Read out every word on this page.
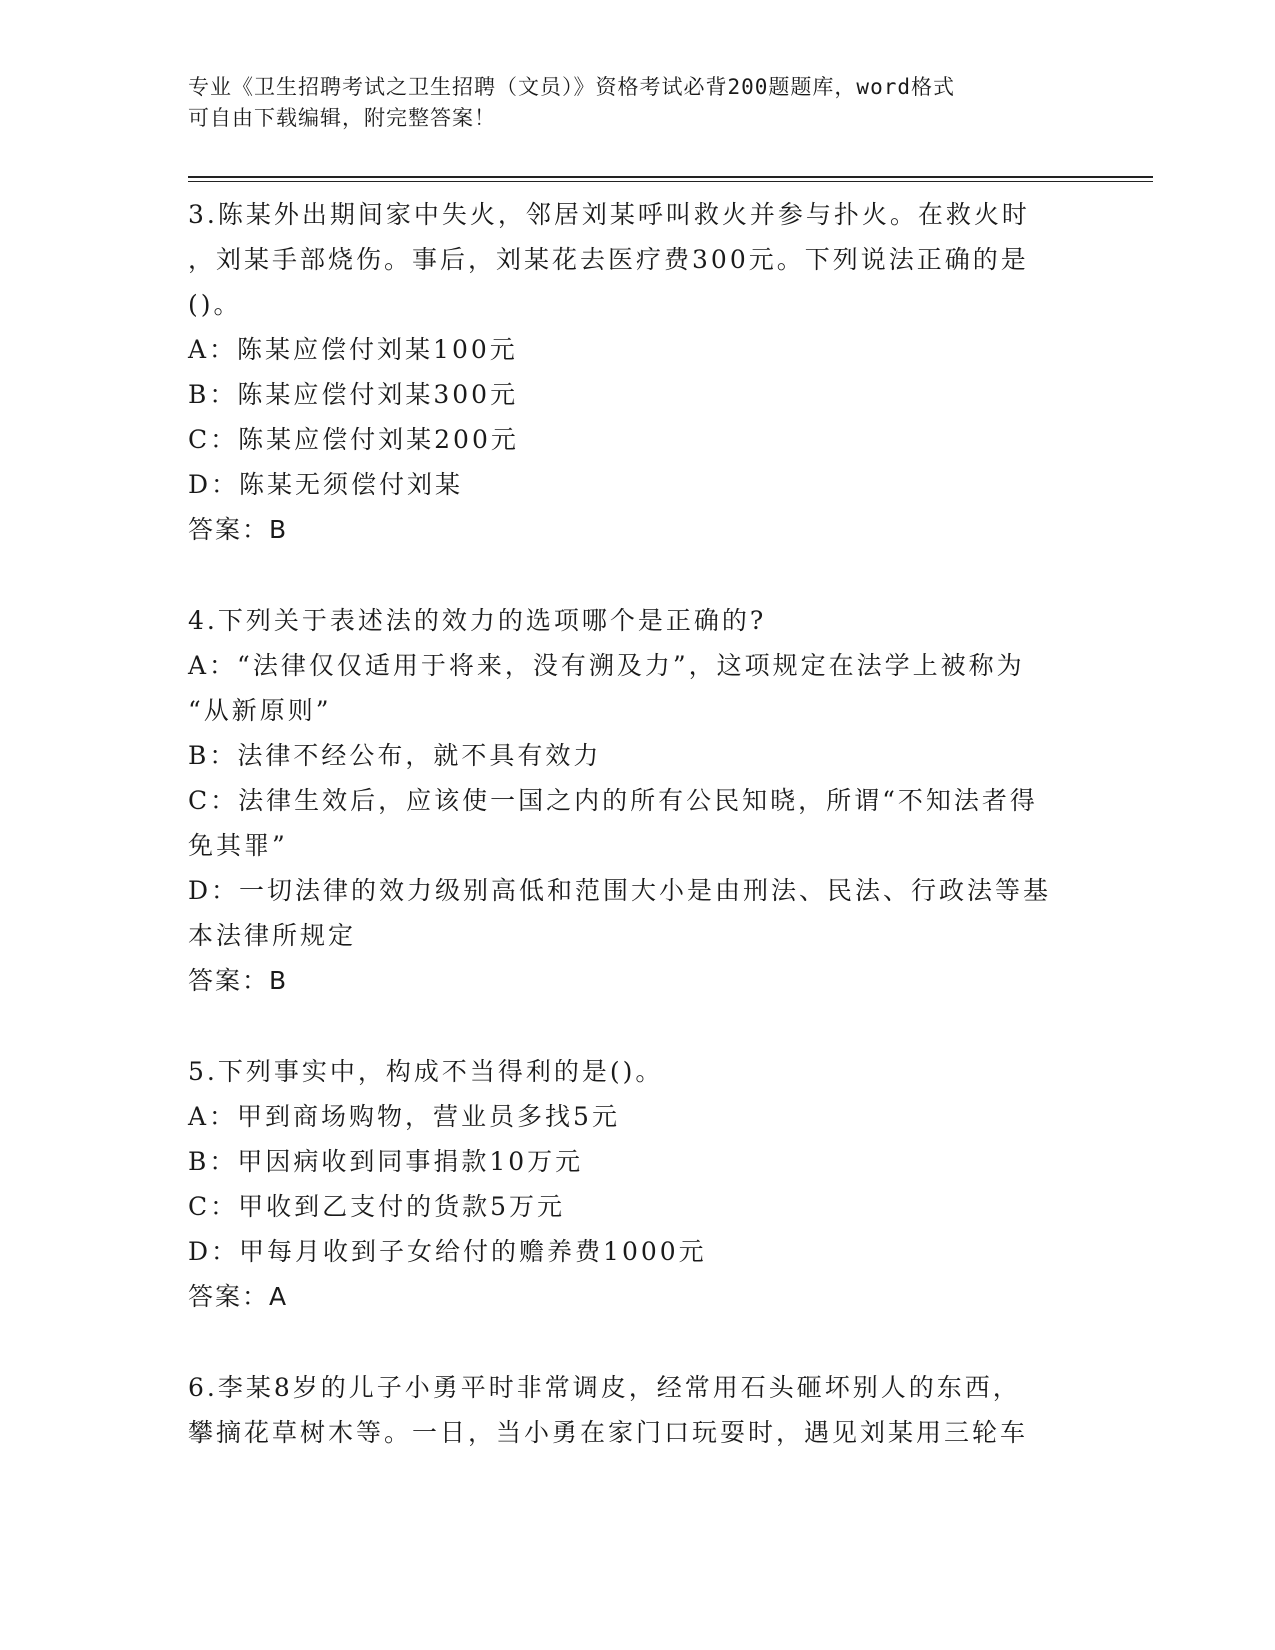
专业《卫生招聘考试之卫生招聘（文员）》资格考试必背200题题库，word格式
可自由下载编辑，附完整答案！
3.陈某外出期间家中失火，邻居刘某呼叫救火并参与扑火。在救火时
，刘某手部烧伤。事后，刘某花去医疗费300元。下列说法正确的是
()。
A：陈某应偿付刘某100元
B：陈某应偿付刘某300元
C：陈某应偿付刘某200元
D：陈某无须偿付刘某
答案：B
4.下列关于表述法的效力的选项哪个是正确的?
A：“法律仅仅适用于将来，没有溯及力”，这项规定在法学上被称为
“从新原则”
B：法律不经公布，就不具有效力
C：法律生效后，应该使一国之内的所有公民知晓，所谓“不知法者得
免其罪”
D：一切法律的效力级别高低和范围大小是由刑法、民法、行政法等基
本法律所规定
答案：B
5.下列事实中，构成不当得利的是()。
A：甲到商场购物，营业员多找5元
B：甲因病收到同事捐款10万元
C：甲收到乙支付的货款5万元
D：甲每月收到子女给付的赡养费1000元
答案：A
6.李某8岁的儿子小勇平时非常调皮，经常用石头砸坏别人的东西，
攀摘花草树木等。一日，当小勇在家门口玩耍时，遇见刘某用三轮车
